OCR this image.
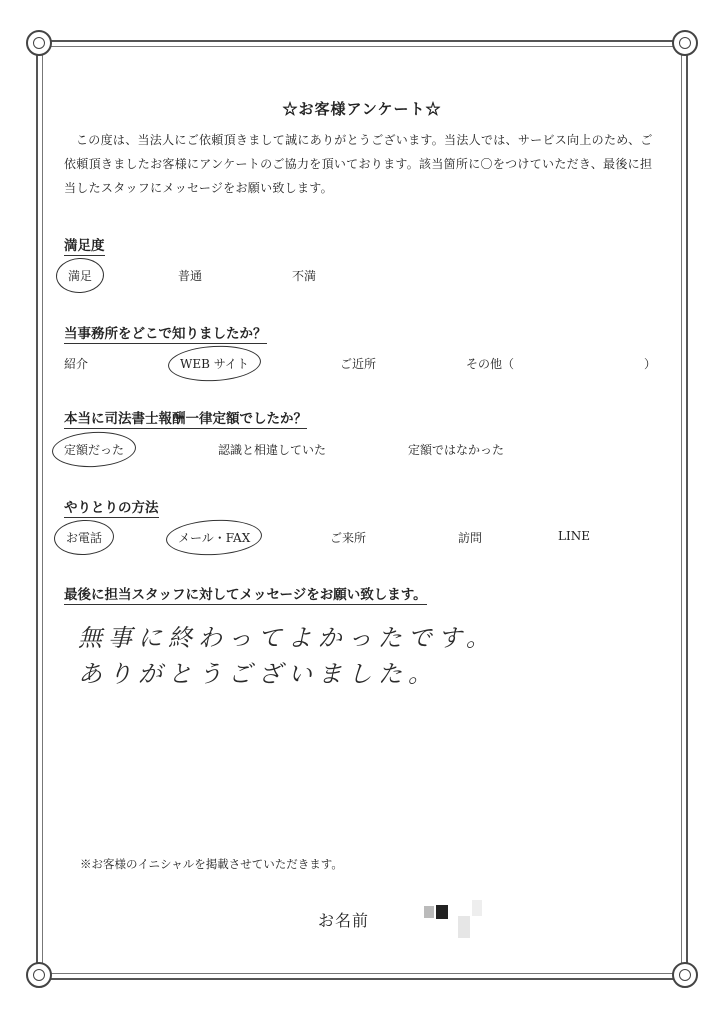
☆お客様アンケート☆
この度は、当法人にご依頼頂きまして誠にありがとうございます。当法人では、サービス向上のため、ご依頼頂きましたお客様にアンケートのご協力を頂いております。該当箇所に〇をつけていただき、最後に担当したスタッフにメッセージをお願い致します。
満足度
満足	普通	不満
当事務所をどこで知りましたか？
紹介	WEB サイト	ご近所	その他（	）
本当に司法書士報酬一律定額でしたか？
定額だった	認識と相違していた	定額ではなかった
やりとりの方法
お電話	メール・FAX	ご来所	訪問	LINE
最後に担当スタッフに対してメッセージをお願い致します。
無事に終わってよかったです。
ありがとうございました。
※お客様のイニシャルを掲載させていただきます。
お名前
